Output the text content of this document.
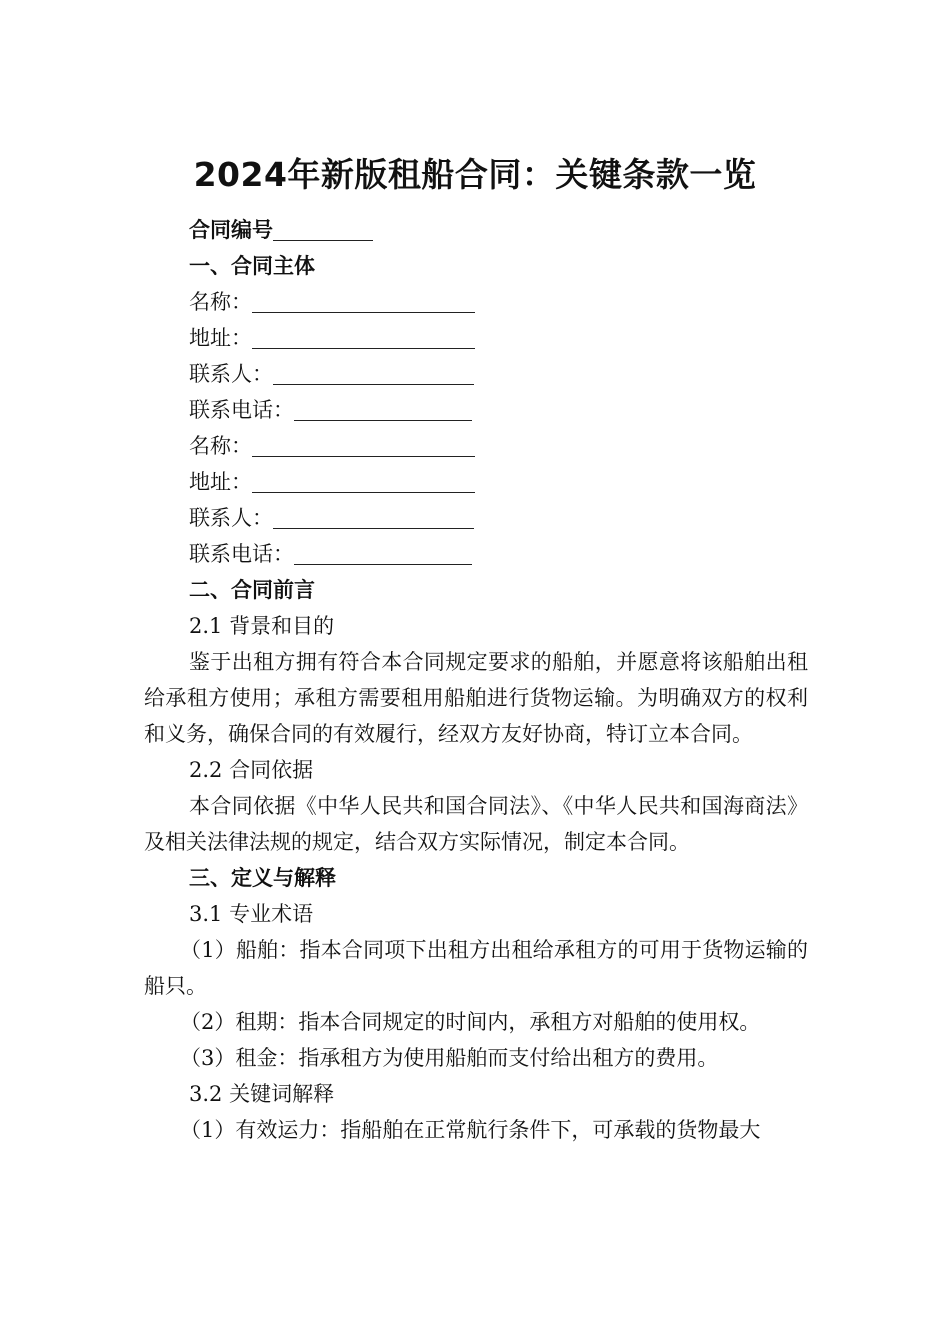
2024年新版租船合同：关键条款一览
合同编号
一、合同主体
名称：
地址：
联系人：
联系电话：
名称：
地址：
联系人：
联系电话：
二、合同前言
2.1 背景和目的
鉴于出租方拥有符合本合同规定要求的船舶，并愿意将该船舶出租给承租方使用；承租方需要租用船舶进行货物运输。为明确双方的权利和义务，确保合同的有效履行，经双方友好协商，特订立本合同。
2.2 合同依据
本合同依据《中华人民共和国合同法》、《中华人民共和国海商法》及相关法律法规的规定，结合双方实际情况，制定本合同。
三、定义与解释
3.1 专业术语
（1）船舶：指本合同项下出租方出租给承租方的可用于货物运输的船只。
（2）租期：指本合同规定的时间内，承租方对船舶的使用权。
（3）租金：指承租方为使用船舶而支付给出租方的费用。
3.2 关键词解释
（1）有效运力：指船舶在正常航行条件下，可承载的货物最大
